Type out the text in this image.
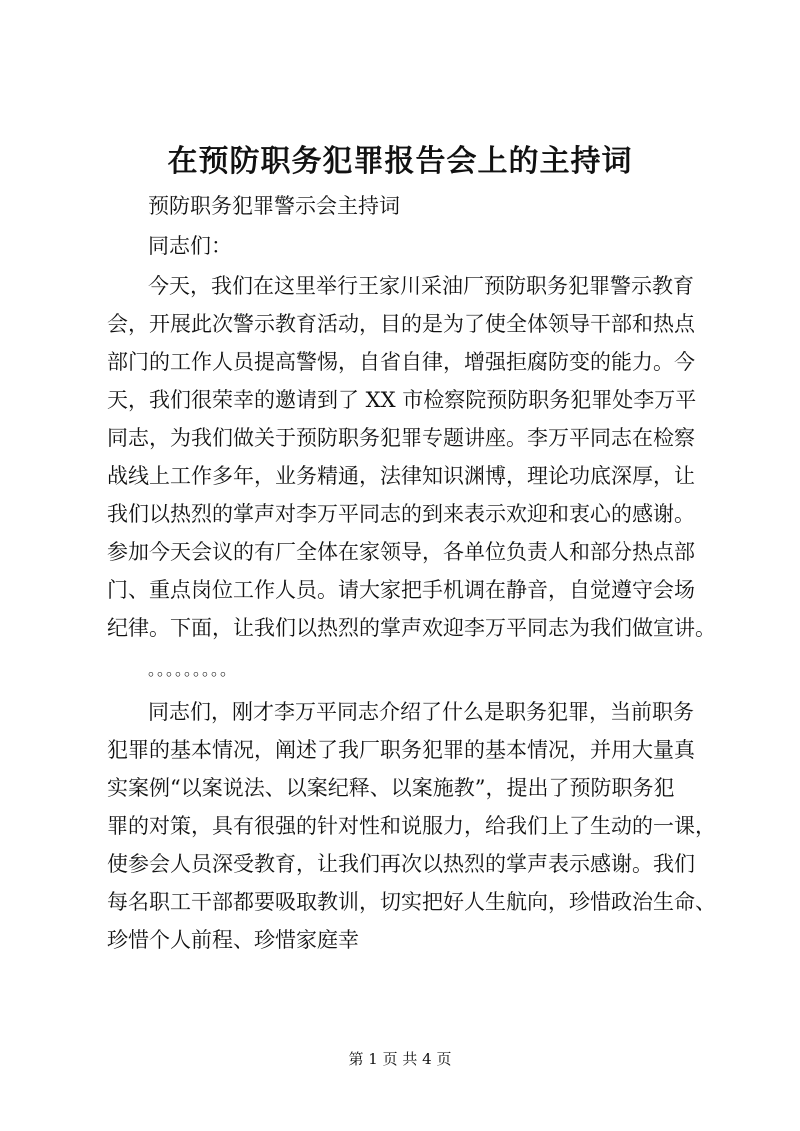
在预防职务犯罪报告会上的主持词
预防职务犯罪警示会主持词
同志们：
今天，我们在这里举行王家川采油厂预防职务犯罪警示教育
会，开展此次警示教育活动，目的是为了使全体领导干部和热点
部门的工作人员提高警惕，自省自律，增强拒腐防变的能力。今
天，我们很荣幸的邀请到了 XX 市检察院预防职务犯罪处李万平
同志，为我们做关于预防职务犯罪专题讲座。李万平同志在检察
战线上工作多年，业务精通，法律知识渊博，理论功底深厚，让
我们以热烈的掌声对李万平同志的到来表示欢迎和衷心的感谢。
参加今天会议的有厂全体在家领导，各单位负责人和部分热点部
门、重点岗位工作人员。请大家把手机调在静音，自觉遵守会场
纪律。下面，让我们以热烈的掌声欢迎李万平同志为我们做宣讲。
。。。。。。。。。
同志们，刚才李万平同志介绍了什么是职务犯罪，当前职务
犯罪的基本情况，阐述了我厂职务犯罪的基本情况，并用大量真
实案例“以案说法、以案纪释、以案施教”，提出了预防职务犯
罪的对策，具有很强的针对性和说服力，给我们上了生动的一课，
使参会人员深受教育，让我们再次以热烈的掌声表示感谢。我们
每名职工干部都要吸取教训，切实把好人生航向，珍惜政治生命、
珍惜个人前程、珍惜家庭幸
第 1 页 共 4 页
